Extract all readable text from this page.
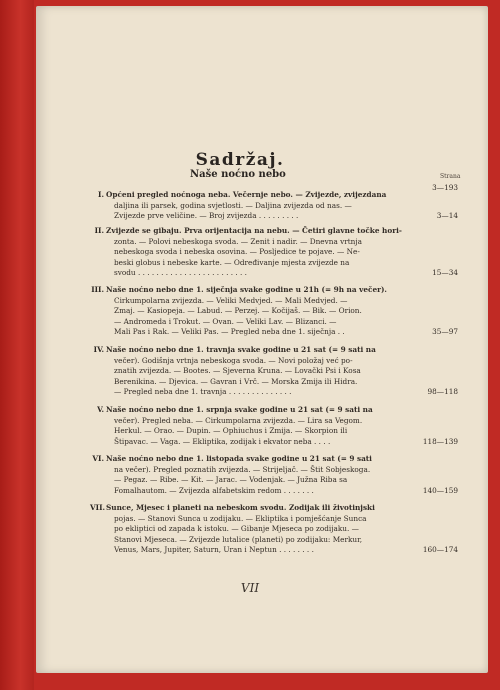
Sadržaj.
Strana
Naše noćno nebo
3—193
I. Općeni pregled noćnoga neba. Večernje nebo. — Zvijezde, zvijezdana
daljina ili parsek, godina svjetlosti. — Daljina zvijezda od nas. —
Zvijezde prve veličine. — Broj zvijezda . . . . . . . . .	3—14
II. Zvijezde se gibaju. Prva orijentacija na nebu. — Četiri glavne točke hori-
zonta. — Polovi nebeskoga svoda. — Zenit i nadir. — Dnevna vrtnja
nebeskoga svoda i nebeska osovina. — Posljedice te pojave. — Ne-
beski globus i nebeske karte. — Određivanje mjesta zvijezde na
svodu . . . . . . . . . . . . . . . . . . . . . . . .	15—34
III. Naše noćno nebo dne 1. siječnja svake godine u 21h (= 9h na večer).
Cirkumpolarna zvijezda. — Veliki Medvjed. — Mali Medvjed. —
Zmaj. — Kasiopeja. — Labud. — Perzej. — Kočijaš. — Bik. — Orion.
— Andromeda i Trokut. — Ovan. — Veliki Lav. — Blizanci. —
Mali Pas i Rak. — Veliki Pas. — Pregled neba dne 1. siječnja . .	35—97
IV. Naše noćno nebo dne 1. travnja svake godine u 21 sat (= 9 sati na
večer). Godišnja vrtnja nebeskoga svoda. — Novi položaj već po-
znatih zvijezda. — Bootes. — Sjeverna Kruna. — Lovački Psi i Kosa
Berenikina. — Djevica. — Gavran i Vrč. — Morska Zmija ili Hidra.
— Pregled neba dne 1. travnja . . . . . . . . . . . . . .	98—118
V. Naše noćno nebo dne 1. srpnja svake godine u 21 sat (= 9 sati na
večer). Pregled neba. — Cirkumpolarna zvijezda. — Lira sa Vegom.
Herkul. — Orao. — Dupin. — Ophiuchus i Zmija. — Skorpion ili
Štipavac. — Vaga. — Ekliptika, zodijak i ekvator neba . . . .	118—139
VI. Naše noćno nebo dne 1. listopada svake godine u 21 sat (= 9 sati
na večer). Pregled poznatih zvijezda. — Strijeljač. — Štit Sobjeskoga.
— Pegaz. — Ribe. — Kit. — Jarac. — Vodenjak. — Južna Riba sa
Fomalhautom. — Zvijezda alfabetskim redom . . . . . . .	140—159
VII. Sunce, Mjesec i planeti na nebeskom svodu. Zodijak ili životinjski
pojas. — Stanovi Sunca u zodijaku. — Ekliptika i pomješćanje Sunca
po ekliptici od zapada k istoku. — Gibanje Mjeseca po zodijaku. —
Stanovi Mjeseca. — Zvijezde lutalice (planeti) po zodijaku: Merkur,
Venus, Mars, Jupiter, Saturn, Uran i Neptun . . . . . . . .	160—174
VII
